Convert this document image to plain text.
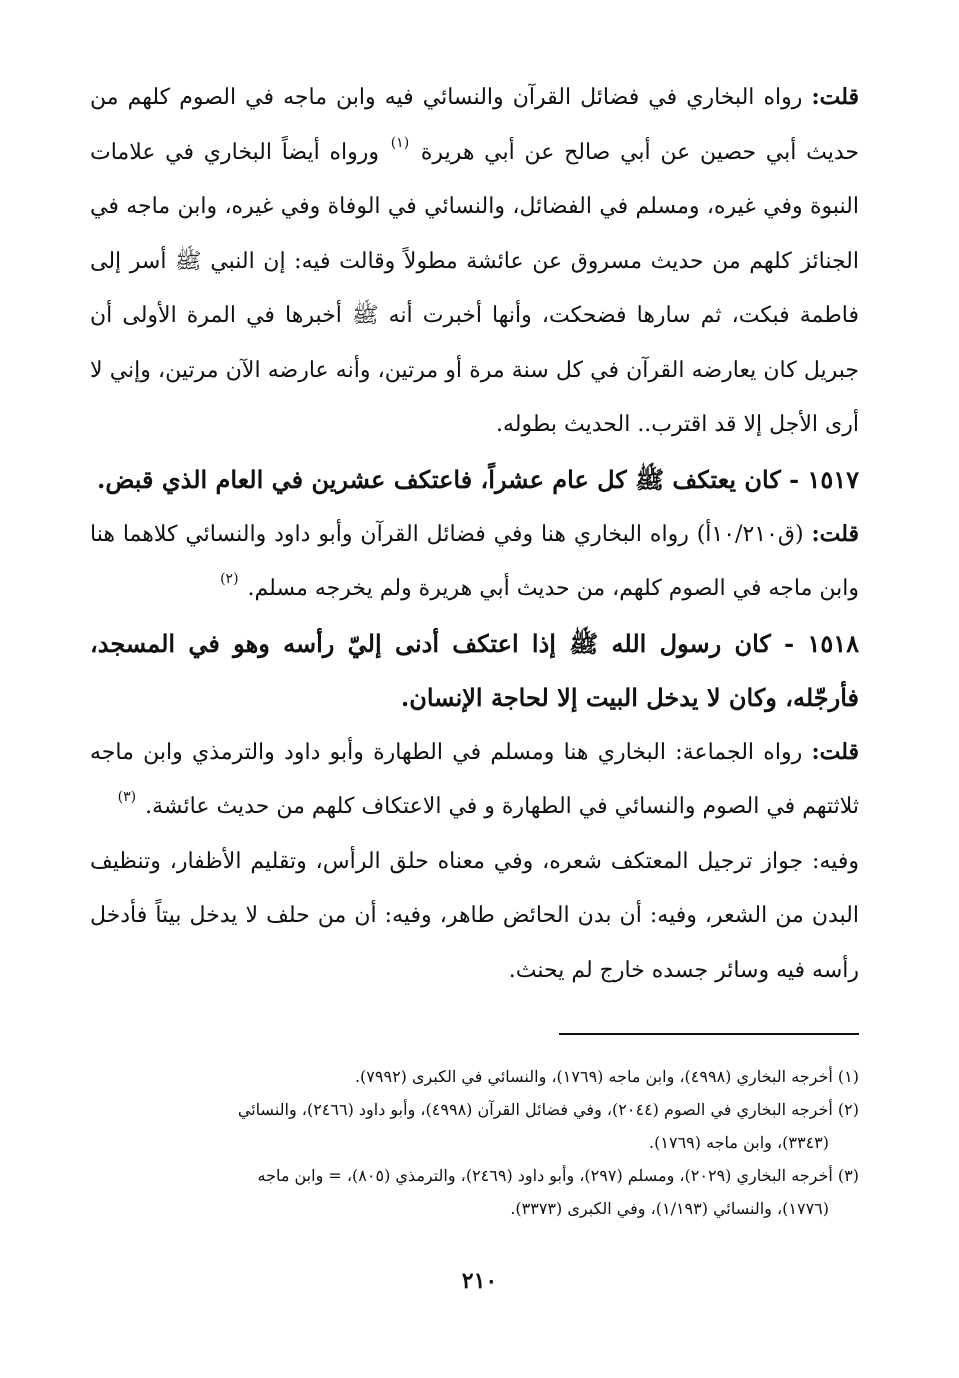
قلت: رواه البخاري في فضائل القرآن والنسائي فيه وابن ماجه في الصوم كلهم من حديث أبي حصين عن أبي صالح عن أبي هريرة $^{(١)}$ ورواه أيضاً البخاري في علامات النبوة وفي غيره، ومسلم في الفضائل، والنسائي في الوفاة وفي غيره، وابن ماجه في الجنائز كلهم من حديث مسروق عن عائشة مطولاً وقالت فيه: إن النبي ﷺ أسر إلى فاطمة فبكت، ثم سارها فضحكت، وأنها أخبرت أنه ﷺ أخبرها في المرة الأولى أن جبريل كان يعارضه القرآن في كل سنة مرة أو مرتين، وأنه عارضه الآن مرتين، وإني لا أرى الأجل إلا قد اقترب.. الحديث بطوله.

١٥١٧ - كان يعتكف ﷺ كل عام عشراً، فاعتكف عشرين في العام الذي قبض.

قلت: (ق١٠/٢١٠أ) رواه البخاري هنا وفي فضائل القرآن وأبو داود والنسائي كلاهما هنا وابن ماجه في الصوم كلهم، من حديث أبي هريرة ولم يخرجه مسلم. $^{(٢)}$

١٥١٨ - كان رسول الله ﷺ إذا اعتكف أدنى إليّ رأسه وهو في المسجد، فأرجّله، وكان لا يدخل البيت إلا لحاجة الإنسان.

قلت: رواه الجماعة: البخاري هنا ومسلم في الطهارة وأبو داود والترمذي وابن ماجه ثلاثتهم في الصوم والنسائي في الطهارة و في الاعتكاف كلهم من حديث عائشة. $^{(٣)}$

وفيه: جواز ترجيل المعتكف شعره، وفي معناه حلق الرأس، وتقليم الأظفار، وتنظيف البدن من الشعر، وفيه: أن بدن الحائض طاهر، وفيه: أن من حلف لا يدخل بيتاً فأدخل رأسه فيه وسائر جسده خارج لم يحنث.

(١) أخرجه البخاري (٤٩٩٨)، وابن ماجه (١٧٦٩)، والنسائي في الكبرى (٧٩٩٢).

(٢) أخرجه البخاري في الصوم (٢٠٤٤)، وفي فضائل القرآن (٤٩٩٨)، وأبو داود (٢٤٦٦)، والنسائي

(٣٣٤٣)، وابن ماجه (١٧٦٩).

(٣) أخرجه البخاري (٢٠٢٩)، ومسلم (٢٩٧)، وأبو داود (٢٤٦٩)، والترمذي (٨٠٥)، = وابن ماجه

(١٧٧٦)، والنسائي (١/١٩٣)، وفي الكبرى (٣٣٧٣).

٢١٠
